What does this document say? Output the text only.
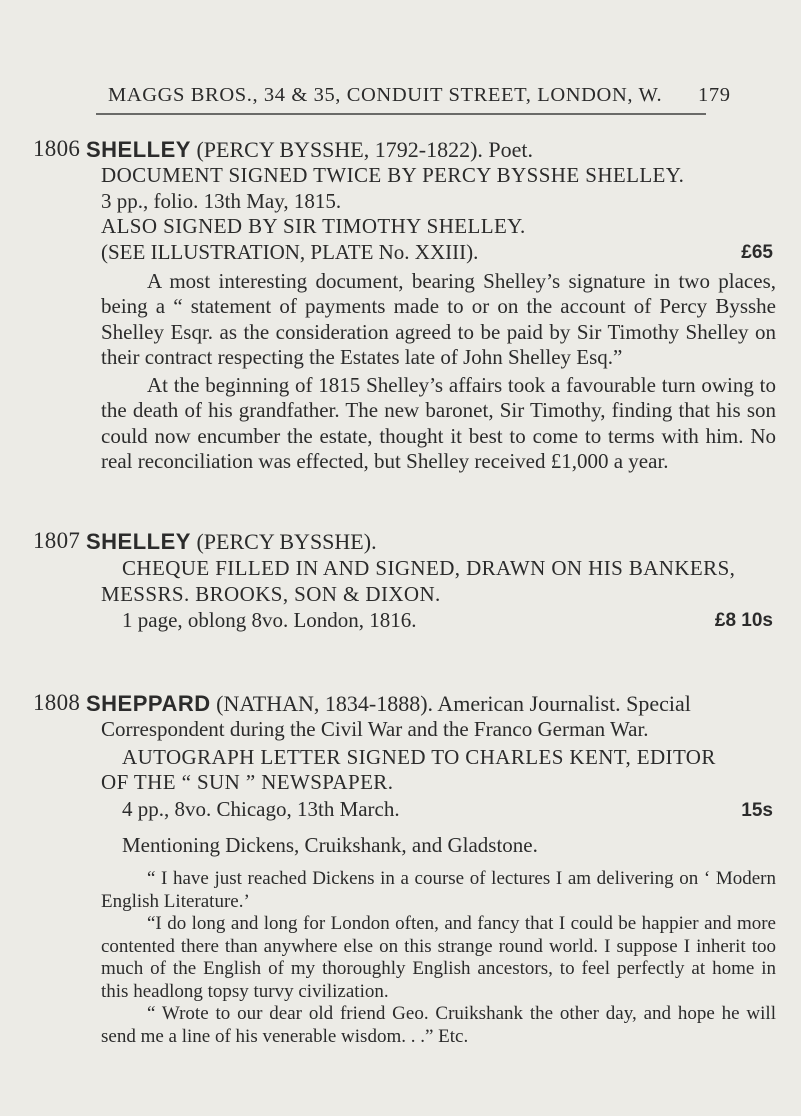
MAGGS BROS., 34 & 35, CONDUIT STREET, LONDON, W. 179
1806 SHELLEY (PERCY BYSSHE, 1792-1822). Poet.
DOCUMENT SIGNED TWICE BY PERCY BYSSHE SHELLEY.
3 pp., folio. 13th May, 1815.
ALSO SIGNED BY SIR TIMOTHY SHELLEY.
(SEE ILLUSTRATION, PLATE No. XXIII).	£65
A most interesting document, bearing Shelley’s signature in two places, being a “ statement of payments made to or on the account of Percy Bysshe Shelley Esqr. as the consideration agreed to be paid by Sir Timothy Shelley on their contract respecting the Estates late of John Shelley Esq.”
At the beginning of 1815 Shelley’s affairs took a favourable turn owing to the death of his grandfather. The new baronet, Sir Timothy, finding that his son could now encumber the estate, thought it best to come to terms with him. No real reconciliation was effected, but Shelley received £1,000 a year.
1807 SHELLEY (PERCY BYSSHE).
CHEQUE FILLED IN AND SIGNED, DRAWN ON HIS BANKERS,
MESSRS. BROOKS, SON & DIXON.
1 page, oblong 8vo. London, 1816.	£8 10s
1808 SHEPPARD (NATHAN, 1834-1888). American Journalist. Special
Correspondent during the Civil War and the Franco German War.
AUTOGRAPH LETTER SIGNED TO CHARLES KENT, EDITOR
OF THE “ SUN ” NEWSPAPER.
4 pp., 8vo. Chicago, 13th March.	15s
Mentioning Dickens, Cruikshank, and Gladstone.
“ I have just reached Dickens in a course of lectures I am delivering on ‘ Modern English Literature.’
“I do long and long for London often, and fancy that I could be happier and more contented there than anywhere else on this strange round world. I suppose I inherit too much of the English of my thoroughly English ancestors, to feel perfectly at home in this headlong topsy turvy civilization.
“ Wrote to our dear old friend Geo. Cruikshank the other day, and hope he will send me a line of his venerable wisdom. . .” Etc.
